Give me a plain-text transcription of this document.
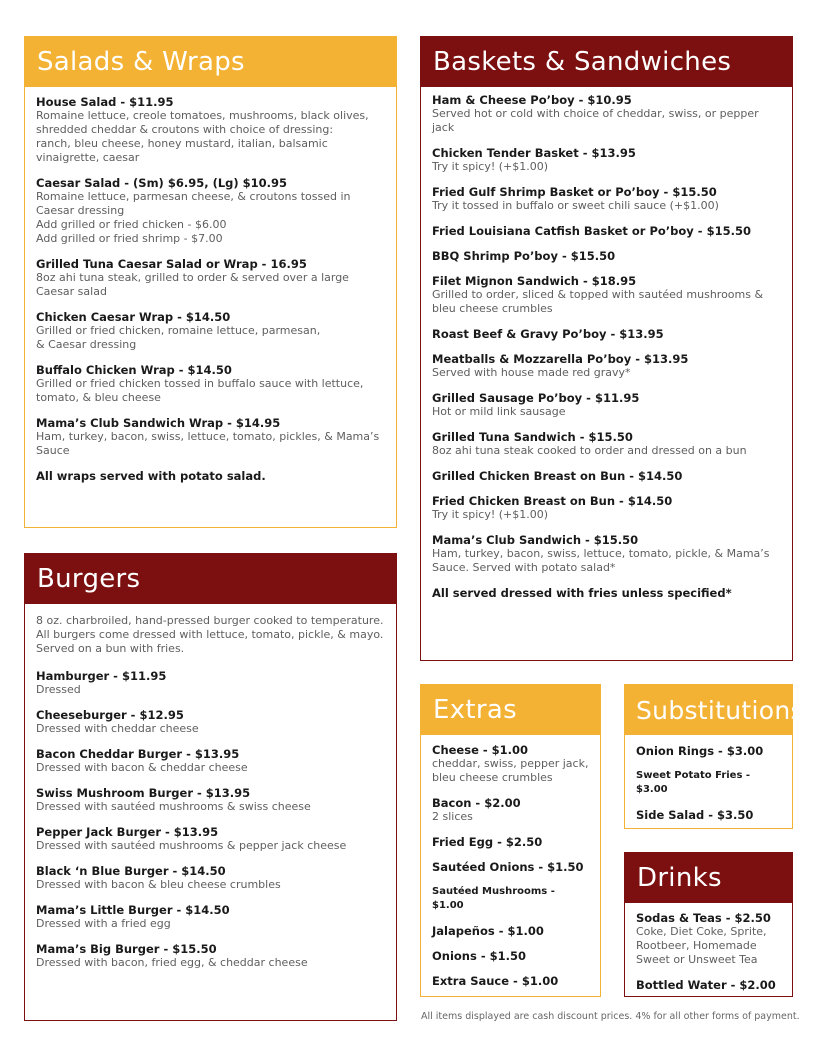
Salads & Wraps
House Salad - $11.95
Romaine lettuce, creole tomatoes, mushrooms, black olives,
shredded cheddar & croutons with choice of dressing:
ranch, bleu cheese, honey mustard, italian, balsamic
vinaigrette, caesar
Caesar Salad - (Sm) $6.95, (Lg) $10.95
Romaine lettuce, parmesan cheese, & croutons tossed in
Caesar dressing
Add grilled or fried chicken - $6.00
Add grilled or fried shrimp - $7.00
Grilled Tuna Caesar Salad or Wrap - 16.95
8oz ahi tuna steak, grilled to order & served over a large
Caesar salad
Chicken Caesar Wrap - $14.50
Grilled or fried chicken, romaine lettuce, parmesan,
& Caesar dressing
Buffalo Chicken Wrap - $14.50
Grilled or fried chicken tossed in buffalo sauce with lettuce,
tomato, & bleu cheese
Mama’s Club Sandwich Wrap - $14.95
Ham, turkey, bacon, swiss, lettuce, tomato, pickles, & Mama’s
Sauce
All wraps served with potato salad.
Burgers
8 oz. charbroiled, hand-pressed burger cooked to temperature.
All burgers come dressed with lettuce, tomato, pickle, & mayo.
Served on a bun with fries.
Hamburger - $11.95
Dressed
Cheeseburger - $12.95
Dressed with cheddar cheese
Bacon Cheddar Burger - $13.95
Dressed with bacon & cheddar cheese
Swiss Mushroom Burger - $13.95
Dressed with sautéed mushrooms & swiss cheese
Pepper Jack Burger - $13.95
Dressed with sautéed mushrooms & pepper jack cheese
Black ‘n Blue Burger - $14.50
Dressed with bacon & bleu cheese crumbles
Mama’s Little Burger - $14.50
Dressed with a fried egg
Mama’s Big Burger - $15.50
Dressed with bacon, fried egg, & cheddar cheese
Baskets & Sandwiches
Ham & Cheese Po’boy - $10.95
Served hot or cold with choice of cheddar, swiss, or pepper jack
Chicken Tender Basket - $13.95
Try it spicy! (+$1.00)
Fried Gulf Shrimp Basket or Po’boy - $15.50
Try it tossed in buffalo or sweet chili sauce (+$1.00)
Fried Louisiana Catfish Basket or Po’boy - $15.50
BBQ Shrimp Po’boy - $15.50
Filet Mignon Sandwich - $18.95
Grilled to order, sliced & topped with sautéed mushrooms &
bleu cheese crumbles
Roast Beef & Gravy Po’boy - $13.95
Meatballs & Mozzarella Po’boy - $13.95
Served with house made red gravy*
Grilled Sausage Po’boy - $11.95
Hot or mild link sausage
Grilled Tuna Sandwich - $15.50
8oz ahi tuna steak cooked to order and dressed on a bun
Grilled Chicken Breast on Bun - $14.50
Fried Chicken Breast on Bun - $14.50
Try it spicy! (+$1.00)
Mama’s Club Sandwich - $15.50
Ham, turkey, bacon, swiss, lettuce, tomato, pickle, & Mama’s
Sauce. Served with potato salad*
All served dressed with fries unless specified*
Extras
Cheese - $1.00
cheddar, swiss, pepper jack,
bleu cheese crumbles
Bacon - $2.00
2 slices
Fried Egg - $2.50
Sautéed Onions - $1.50
Sautéed Mushrooms - $1.00
Jalapeños - $1.00
Onions - $1.50
Extra Sauce - $1.00
Substitutions
Onion Rings - $3.00
Sweet Potato Fries - $3.00
Side Salad - $3.50
Drinks
Sodas & Teas - $2.50
Coke, Diet Coke, Sprite,
Rootbeer, Homemade
Sweet or Unsweet Tea
Bottled Water - $2.00
All items displayed are cash discount prices. 4% for all other forms of payment.
